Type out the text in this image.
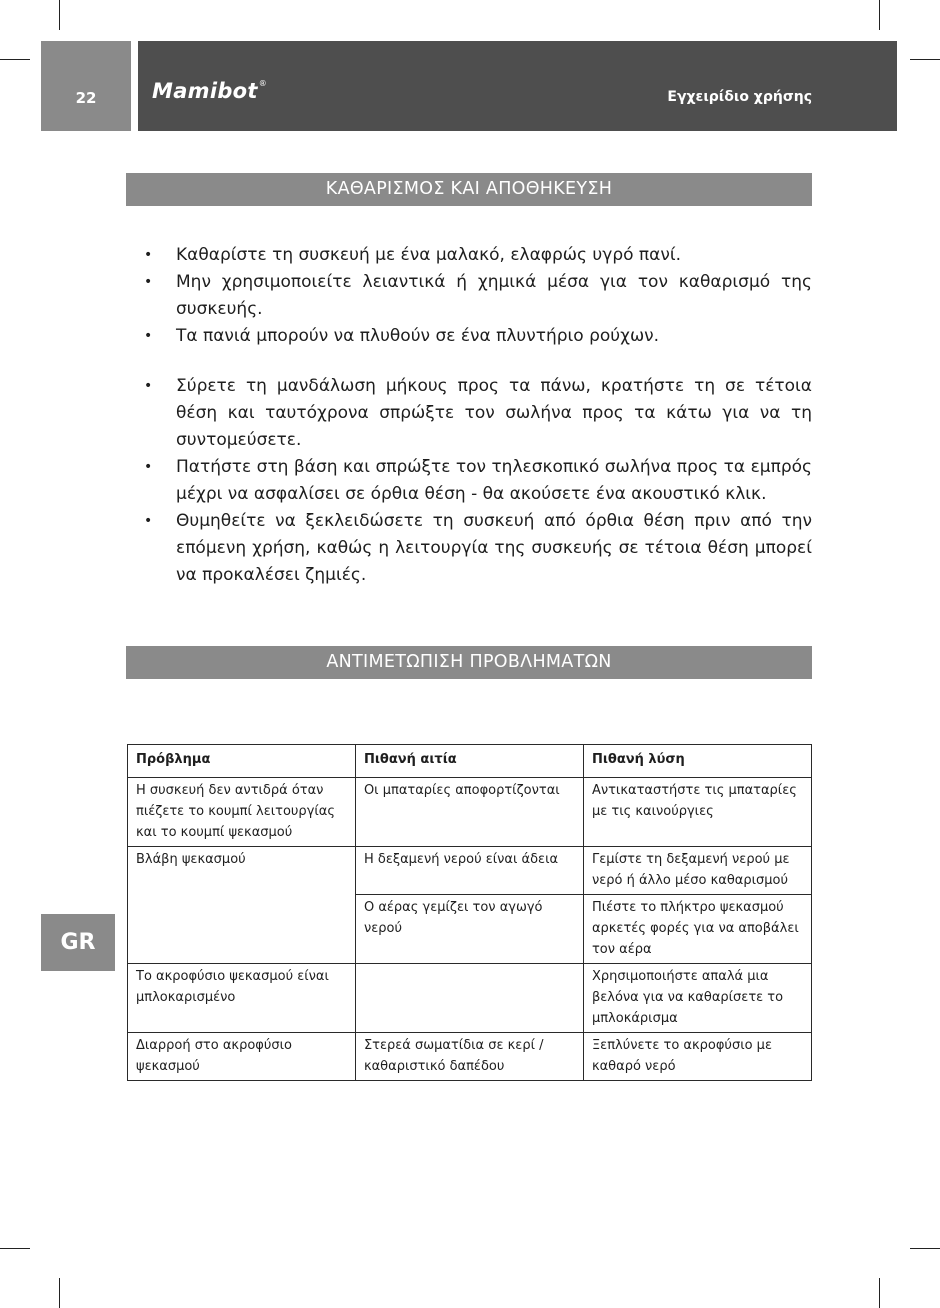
22	Mamibot®
Εγχειρίδιο χρήσης
ΚΑΘΑΡΙΣΜΟΣ ΚΑΙ ΑΠΟΘΗΚΕΥΣΗ
• Καθαρίστε τη συσκευή με ένα μαλακό, ελαφρώς υγρό πανί.
• Μην χρησιμοποιείτε λειαντικά ή χημικά μέσα για τον καθαρισμό της συσκευής.
• Τα πανιά μπορούν να πλυθούν σε ένα πλυντήριο ρούχων.
• Σύρετε τη μανδάλωση μήκους προς τα πάνω, κρατήστε τη σε τέτοια θέση και ταυτόχρονα σπρώξτε τον σωλήνα προς τα κάτω για να τη συντομεύσετε.
• Πατήστε στη βάση και σπρώξτε τον τηλεσκοπικό σωλήνα προς τα εμπρός μέχρι να ασφαλίσει σε όρθια θέση - θα ακούσετε ένα ακουστικό κλικ.
• Θυμηθείτε να ξεκλειδώσετε τη συσκευή από όρθια θέση πριν από την επόμενη χρήση, καθώς η λειτουργία της συσκευής σε τέτοια θέση μπορεί να προκαλέσει ζημιές.
ΑΝΤΙΜΕΤΩΠΙΣΗ ΠΡΟΒΛΗΜΑΤΩΝ
Πρόβλημα	Πιθανή αιτία	Πιθανή λύση
Η συσκευή δεν αντιδρά όταν πιέζετε το κουμπί λειτουργίας και το κουμπί ψεκασμού	Οι μπαταρίες αποφορτίζονται	Αντικαταστήστε τις μπαταρίες με τις καινούργιες
Βλάβη ψεκασμού	Η δεξαμενή νερού είναι άδεια	Γεμίστε τη δεξαμενή νερού με νερό ή άλλο μέσο καθαρισμού
	Ο αέρας γεμίζει τον αγωγό νερού	Πιέστε το πλήκτρο ψεκασμού αρκετές φορές για να αποβάλει τον αέρα
Το ακροφύσιο ψεκασμού είναι μπλοκαρισμένο		Χρησιμοποιήστε απαλά μια βελόνα για να καθαρίσετε το μπλοκάρισμα
Διαρροή στο ακροφύσιο ψεκασμού	Στερεά σωματίδια σε κερί / καθαριστικό δαπέδου	Ξεπλύνετε το ακροφύσιο με καθαρό νερό
GR
